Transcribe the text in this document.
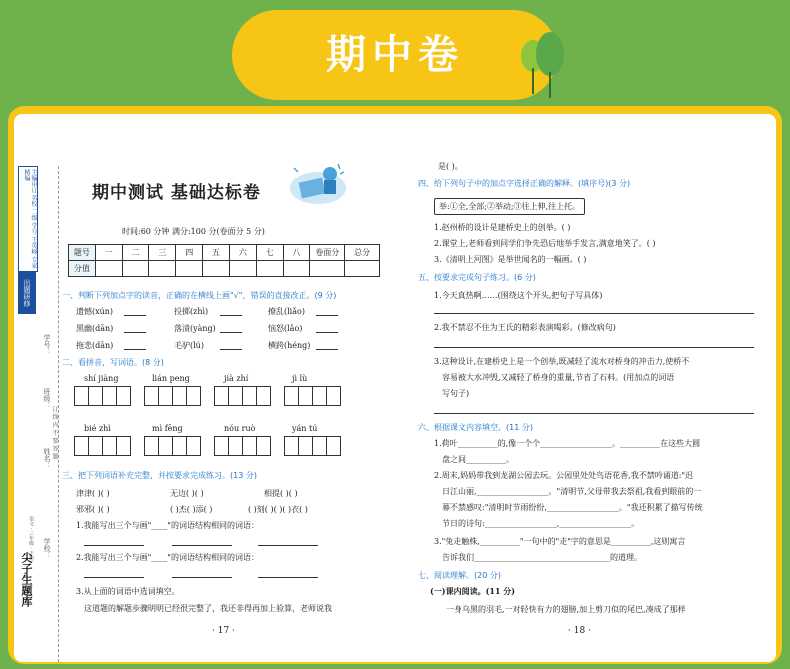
期中卷
主编审订 名校 二级 学号 王英峰 专家 精编
出题研修
学号：
班级：
姓名：
学校：
订 线 内 不 要 答 题
语文 · 三年级 · 下册
尖子生题库
期中测试 基础达标卷
时间:60 分钟 满分:100 分(卷面分 5 分)
题号	一	二	三	四	五	六	七	八	卷面分	总分
分值										
一、判断下列加点字的读音，正确的在横线上画"√"，错误的直接改正。(9 分)
遗憾(xún)	投掷(zhì)	撩乱(liǎo)
黑幽(dān)	落渍(yàng)	恼怒(lǎo)
拖悲(dān)	毛驴(lú)	横跨(héng)
二、看拼音，写词语。(8 分)
shí jiàng	lián peng	jià zhí	jì lù
bié zhì	mì fēng	nóu ruò	yán tú
三、把下列词语补充完整，并按要求完成练习。(13 分)
津津( )( )	无边( )( )	相提( )( )
邪邪( )( )	( )杰( )添( )	( )刻( )( )( )衣( )
1.我能写出三个与画"____"的词语结构相同的词语：
2.我能写出三个与画"____"的词语结构相同的词语：
3.从上面的词语中选词填空。
这道题的解题步骤明明已经很完整了，我还非得再加上验算，老师说我
· 17 ·
是( )。
四、给下列句子中的加点字选择正确的解释。(填序号)(3 分)
举:①全,全部;②举动;③往上伸,往上托。
1.赵州桥的设计是建桥史上的创举。( )
2.课堂上,老师看到同学们争先恐后地举手发言,满意地笑了。( )
3.《清明上河图》是举世闻名的一幅画。( )
五、按要求完成句子练习。(6 分)
1.今天真热啊……(围绕这个开头,把句子写具体)
2.我不禁忍不住为王氏的精彩表演喝彩。(修改病句)
3.这种设计,在建桥史上是一个创举,既减轻了流水对桥身的冲击力,使桥不
容易被大水冲毁,又减轻了桥身的重量,节省了石料。(用加点的词语
写句子)
六、根据课文内容填空。(11 分)
1.荷叶__________的,像一个个__________________。__________在这些大圆
盘之间__________。
2.周末,妈妈带我到龙湖公园去玩。公园里处处鸟语花香,我不禁吟诵道:"迟
日江山丽,__________________。"清明节,父母带我去祭祖,我看到眼前的一
幕不禁感叹:"清明时节雨纷纷,__________________。"我还积累了描写传统
节日的诗句:__________________,__________________。
3."兔走触株,__________"一句中的"走"字的意思是__________,这则寓言
告诉我们__________________________________的道理。
七、阅读理解。(20 分)
(一)课内阅读。(11 分)
一身乌黑的羽毛,一对轻快有力的翅膀,加上剪刀似的尾巴,凑成了那样
· 18 ·
